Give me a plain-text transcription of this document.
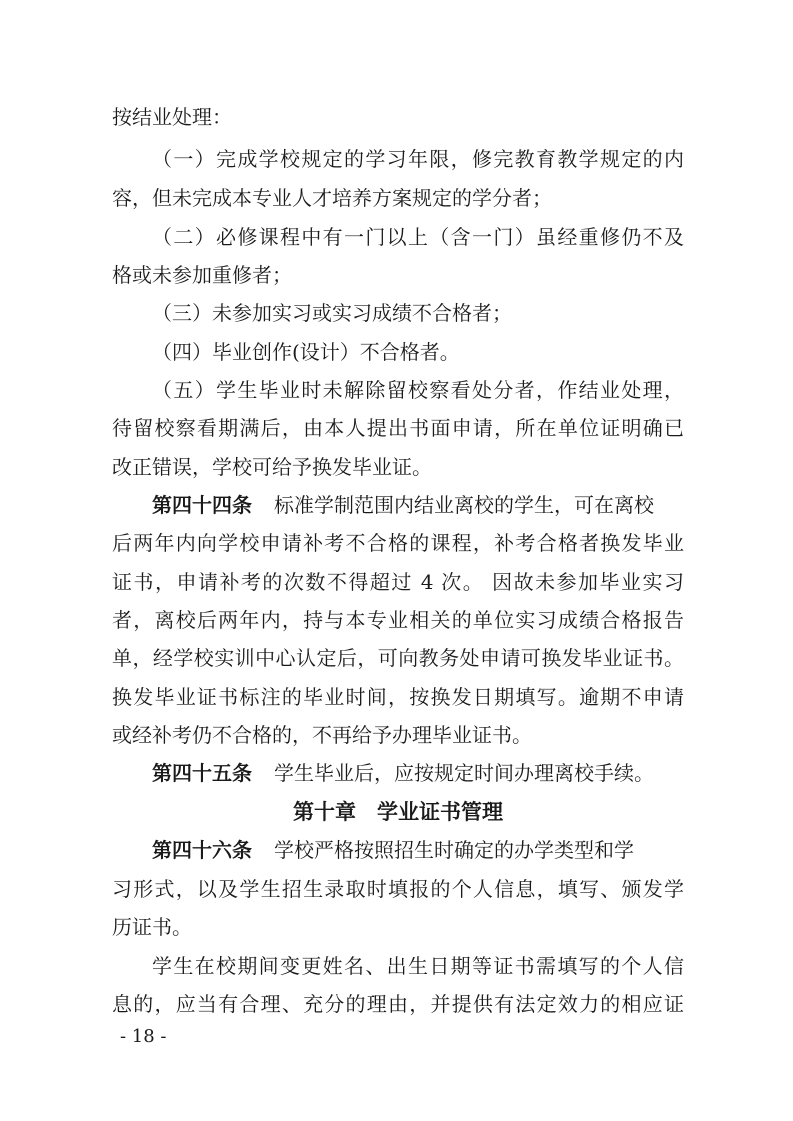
按结业处理：
（一）完成学校规定的学习年限，修完教育教学规定的内
容，但未完成本专业人才培养方案规定的学分者；
（二）必修课程中有一门以上（含一门）虽经重修仍不及
格或未参加重修者；
（三）未参加实习或实习成绩不合格者；
（四）毕业创作(设计）不合格者。
（五）学生毕业时未解除留校察看处分者，作结业处理，
待留校察看期满后，由本人提出书面申请，所在单位证明确已
改正错误，学校可给予换发毕业证。
第四十四条 标准学制范围内结业离校的学生，可在离校
后两年内向学校申请补考不合格的课程，补考合格者换发毕业
证书，申请补考的次数不得超过 4 次。 因故未参加毕业实习
者，离校后两年内，持与本专业相关的单位实习成绩合格报告
单，经学校实训中心认定后，可向教务处申请可换发毕业证书。
换发毕业证书标注的毕业时间，按换发日期填写。逾期不申请
或经补考仍不合格的，不再给予办理毕业证书。
第四十五条 学生毕业后，应按规定时间办理离校手续。
第十章　学业证书管理
第四十六条 学校严格按照招生时确定的办学类型和学
习形式，以及学生招生录取时填报的个人信息，填写、颁发学
历证书。
学生在校期间变更姓名、出生日期等证书需填写的个人信
息的，应当有合理、充分的理由，并提供有法定效力的相应证
- 18 -
